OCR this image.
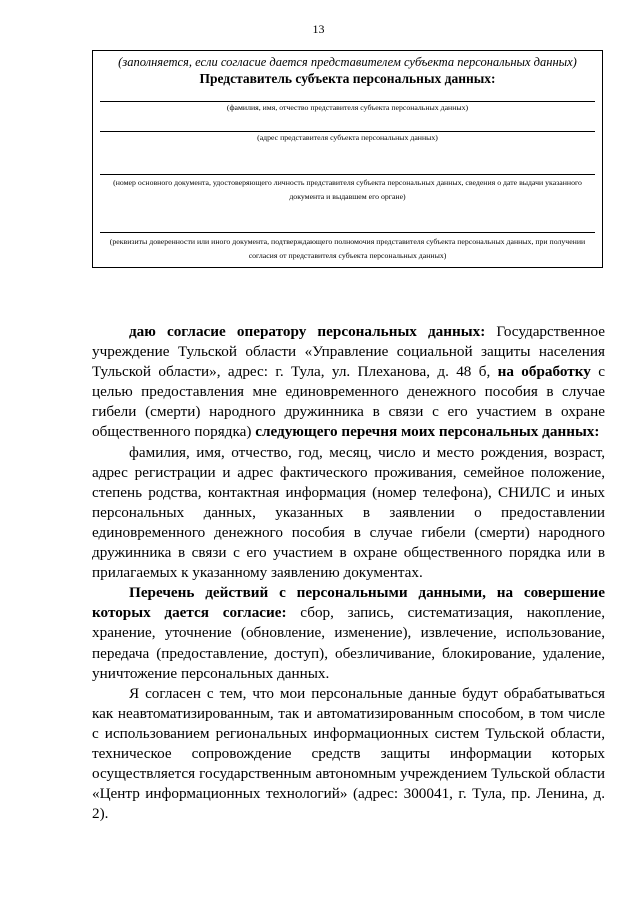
13
(заполняется, если согласие дается представителем субъекта персональных данных)
Представитель субъекта персональных данных:
(фамилия, имя, отчество представителя субъекта персональных данных)
(адрес представителя субъекта персональных данных)
(номер основного документа, удостоверяющего личность представителя субъекта персональных данных, сведения о дате выдачи указанного документа и выдавшем его органе)
(реквизиты доверенности или иного документа, подтверждающего полномочия представителя субъекта персональных данных, при получении согласия от представителя субъекта персональных данных)

даю согласие оператору персональных данных: Государственное учреждение Тульской области «Управление социальной защиты населения Тульской области», адрес: г. Тула, ул. Плеханова, д. 48 б, на обработку с целью предоставления мне единовременного денежного пособия в случае гибели (смерти) народного дружинника в связи с его участием в охране общественного порядка) следующего перечня моих персональных данных:

фамилия, имя, отчество, год, месяц, число и место рождения, возраст, адрес регистрации и адрес фактического проживания, семейное положение, степень родства, контактная информация (номер телефона), СНИЛС и иных персональных данных, указанных в заявлении о предоставлении единовременного денежного пособия в случае гибели (смерти) народного дружинника в связи с его участием в охране общественного порядка или в прилагаемых к указанному заявлению документах.

Перечень действий с персональными данными, на совершение которых дается согласие: сбор, запись, систематизация, накопление, хранение, уточнение (обновление, изменение), извлечение, использование, передача (предоставление, доступ), обезличивание, блокирование, удаление, уничтожение персональных данных.

Я согласен с тем, что мои персональные данные будут обрабатываться как неавтоматизированным, так и автоматизированным способом, в том числе с использованием региональных информационных систем Тульской области, техническое сопровождение средств защиты информации которых осуществляется государственным автономным учреждением Тульской области «Центр информационных технологий» (адрес: 300041, г. Тула, пр. Ленина, д. 2).
